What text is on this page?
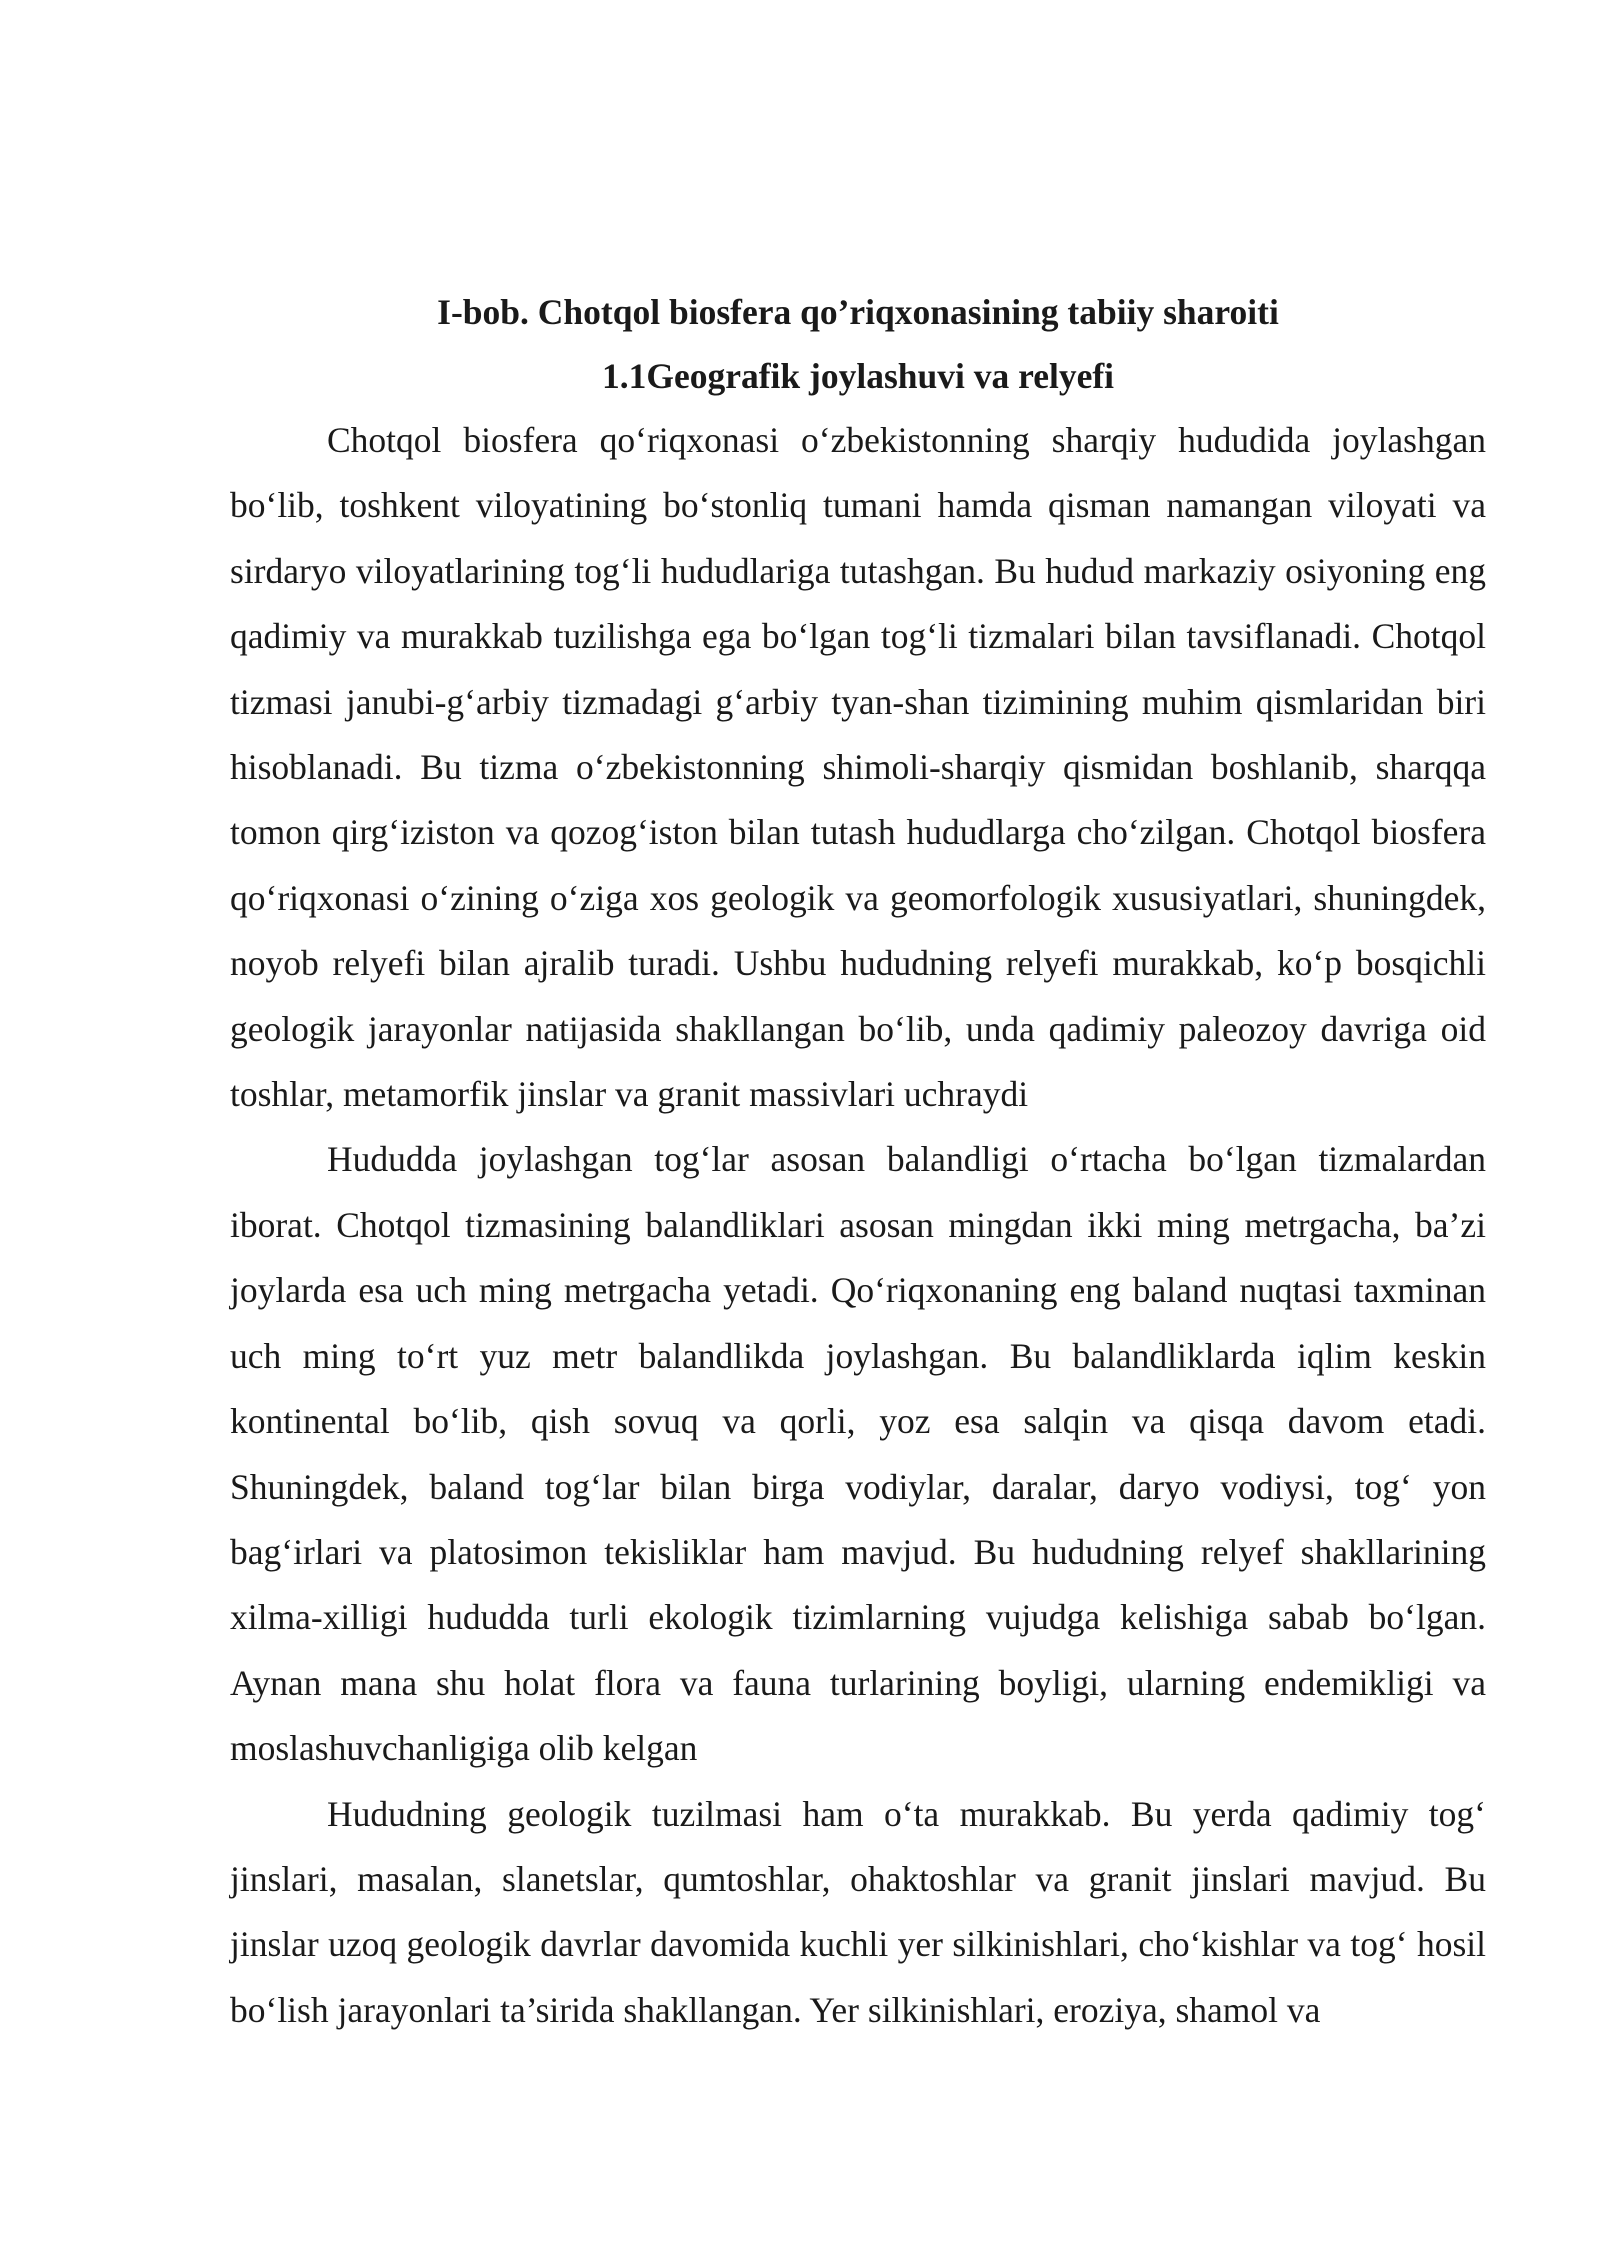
I-bob. Chotqol biosfera qo’riqxonasining tabiiy sharoiti
1.1Geografik joylashuvi va relyefi

Chotqol biosfera qo‘riqxonasi o‘zbekistonning sharqiy hududida joylashgan bo‘lib, toshkent viloyatining bo‘stonliq tumani hamda qisman namangan viloyati va sirdaryo viloyatlarining tog‘li hududlariga tutashgan. Bu hudud markaziy osiyoning eng qadimiy va murakkab tuzilishga ega bo‘lgan tog‘li tizmalari bilan tavsiflanadi. Chotqol tizmasi janubi-g‘arbiy tizmadagi g‘arbiy tyan-shan tizimining muhim qismlaridan biri hisoblanadi. Bu tizma o‘zbekistonning shimoli-sharqiy qismidan boshlanib, sharqqa tomon qirg‘iziston va qozog‘iston bilan tutash hududlarga cho‘zilgan. Chotqol biosfera qo‘riqxonasi o‘zining o‘ziga xos geologik va geomorfologik xususiyatlari, shuningdek, noyob relyefi bilan ajralib turadi. Ushbu hududning relyefi murakkab, ko‘p bosqichli geologik jarayonlar natijasida shakllangan bo‘lib, unda qadimiy paleozoy davriga oid toshlar, metamorfik jinslar va granit massivlari uchraydi

Hududda joylashgan tog‘lar asosan balandligi o‘rtacha bo‘lgan tizmalardan iborat. Chotqol tizmasining balandliklari asosan mingdan ikki ming metrgacha, ba’zi joylarda esa uch ming metrgacha yetadi. Qo‘riqxonaning eng baland nuqtasi taxminan uch ming to‘rt yuz metr balandlikda joylashgan. Bu balandliklarda iqlim keskin kontinental bo‘lib, qish sovuq va qorli, yoz esa salqin va qisqa davom etadi. Shuningdek, baland tog‘lar bilan birga vodiylar, daralar, daryo vodiysi, tog‘ yon bag‘irlari va platosimon tekisliklar ham mavjud. Bu hududning relyef shakllarining xilma-xilligi hududda turli ekologik tizimlarning vujudga kelishiga sabab bo‘lgan. Aynan mana shu holat flora va fauna turlarining boyligi, ularning endemikligi va moslashuvchanligiga olib kelgan

Hududning geologik tuzilmasi ham o‘ta murakkab. Bu yerda qadimiy tog‘ jinslari, masalan, slanetslar, qumtoshlar, ohaktoshlar va granit jinslari mavjud. Bu jinslar uzoq geologik davrlar davomida kuchli yer silkinishlari, cho‘kishlar va tog‘ hosil bo‘lish jarayonlari ta’sirida shakllangan. Yer silkinishlari, eroziya, shamol va
